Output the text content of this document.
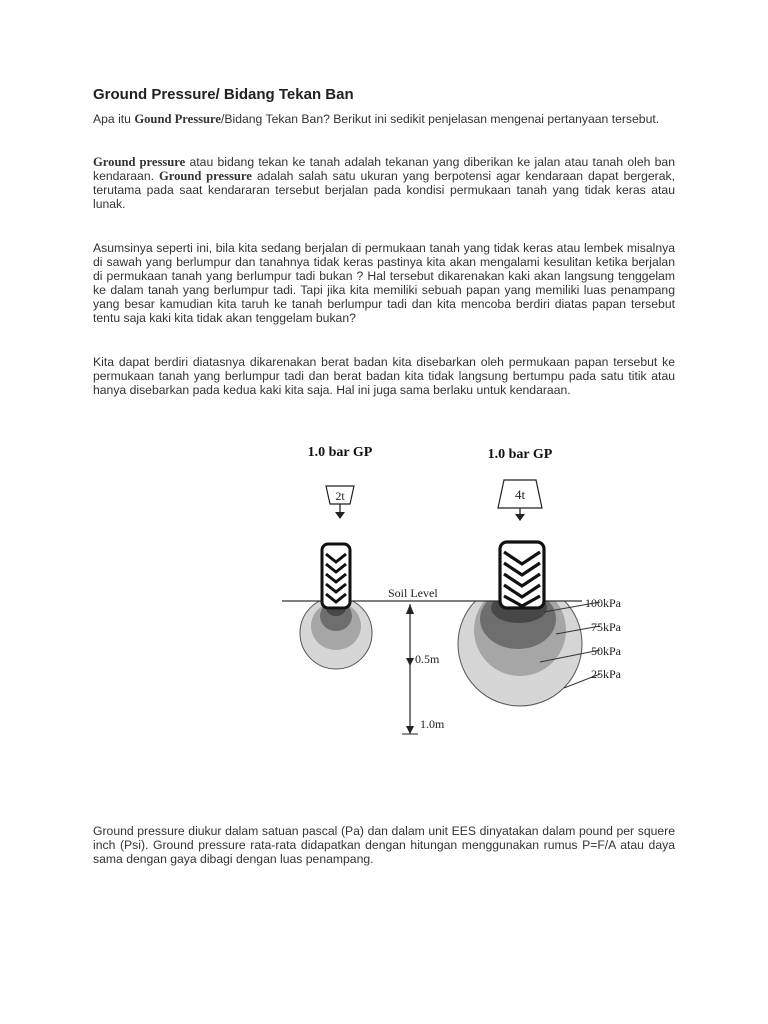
Ground Pressure/ Bidang Tekan Ban
Apa itu Gound Pressure/Bidang Tekan Ban? Berikut ini sedikit penjelasan mengenai pertanyaan tersebut.
Ground pressure atau bidang tekan ke tanah adalah tekanan yang diberikan ke jalan atau tanah oleh ban kendaraan. Ground pressure adalah salah satu ukuran yang berpotensi agar kendaraan dapat bergerak, terutama pada saat kendararan tersebut berjalan pada kondisi permukaan tanah yang tidak keras atau lunak.
Asumsinya seperti ini, bila kita sedang berjalan di permukaan tanah yang tidak keras atau lembek misalnya di sawah yang berlumpur dan tanahnya tidak keras pastinya kita akan mengalami kesulitan ketika berjalan di permukaan tanah yang berlumpur tadi bukan ? Hal tersebut dikarenakan kaki akan langsung tenggelam ke dalam tanah yang berlumpur tadi. Tapi jika kita memiliki sebuah papan yang memiliki luas penampang yang besar kamudian kita taruh ke tanah berlumpur tadi dan kita mencoba berdiri diatas papan tersebut tentu saja kaki kita tidak akan tenggelam bukan?
Kita dapat berdiri diatasnya dikarenakan berat badan kita disebarkan oleh permukaan papan tersebut ke permukaan tanah yang berlumpur tadi dan berat badan kita tidak langsung bertumpu pada satu titik atau hanya disebarkan pada kedua kaki kita saja. Hal ini juga sama berlaku untuk kendaraan.
1.0 bar GP	1.0 bar GP
2t	4t
Soil Level
0.5m
1.0m
100kPa
75kPa
50kPa
25kPa
Ground pressure diukur dalam satuan pascal (Pa) dan dalam unit EES dinyatakan dalam pound per squere inch (Psi). Ground pressure rata-rata didapatkan dengan hitungan menggunakan rumus P=F/A atau daya sama dengan gaya dibagi dengan luas penampang.
